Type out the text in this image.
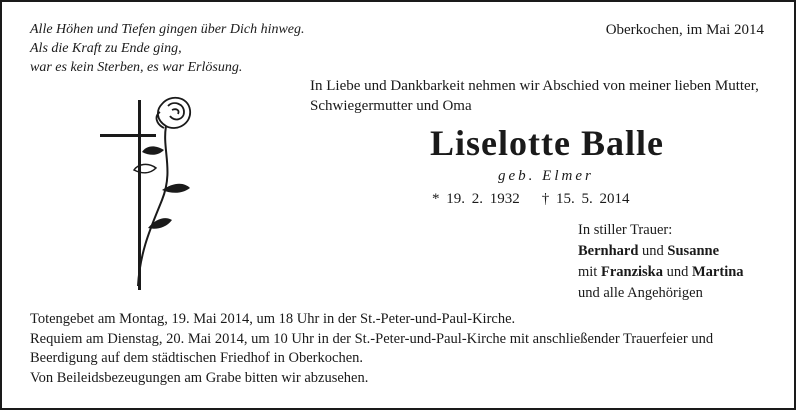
Alle Höhen und Tiefen gingen über Dich hinweg.
Als die Kraft zu Ende ging,
war es kein Sterben, es war Erlösung.
Oberkochen, im Mai 2014
In Liebe und Dankbarkeit nehmen wir Abschied von meiner lieben Mutter,
Schwiegermutter und Oma
Liselotte Balle
geb. Elmer
* 19. 2. 1932 † 15. 5. 2014
In stiller Trauer:
Bernhard und Susanne
mit Franziska und Martina
und alle Angehörigen
Totengebet am Montag, 19. Mai 2014, um 18 Uhr in der St.-Peter-und-Paul-Kirche.
Requiem am Dienstag, 20. Mai 2014, um 10 Uhr in der St.-Peter-und-Paul-Kirche mit anschließender Trauerfeier und
Beerdigung auf dem städtischen Friedhof in Oberkochen.
Von Beileidsbezeugungen am Grabe bitten wir abzusehen.
